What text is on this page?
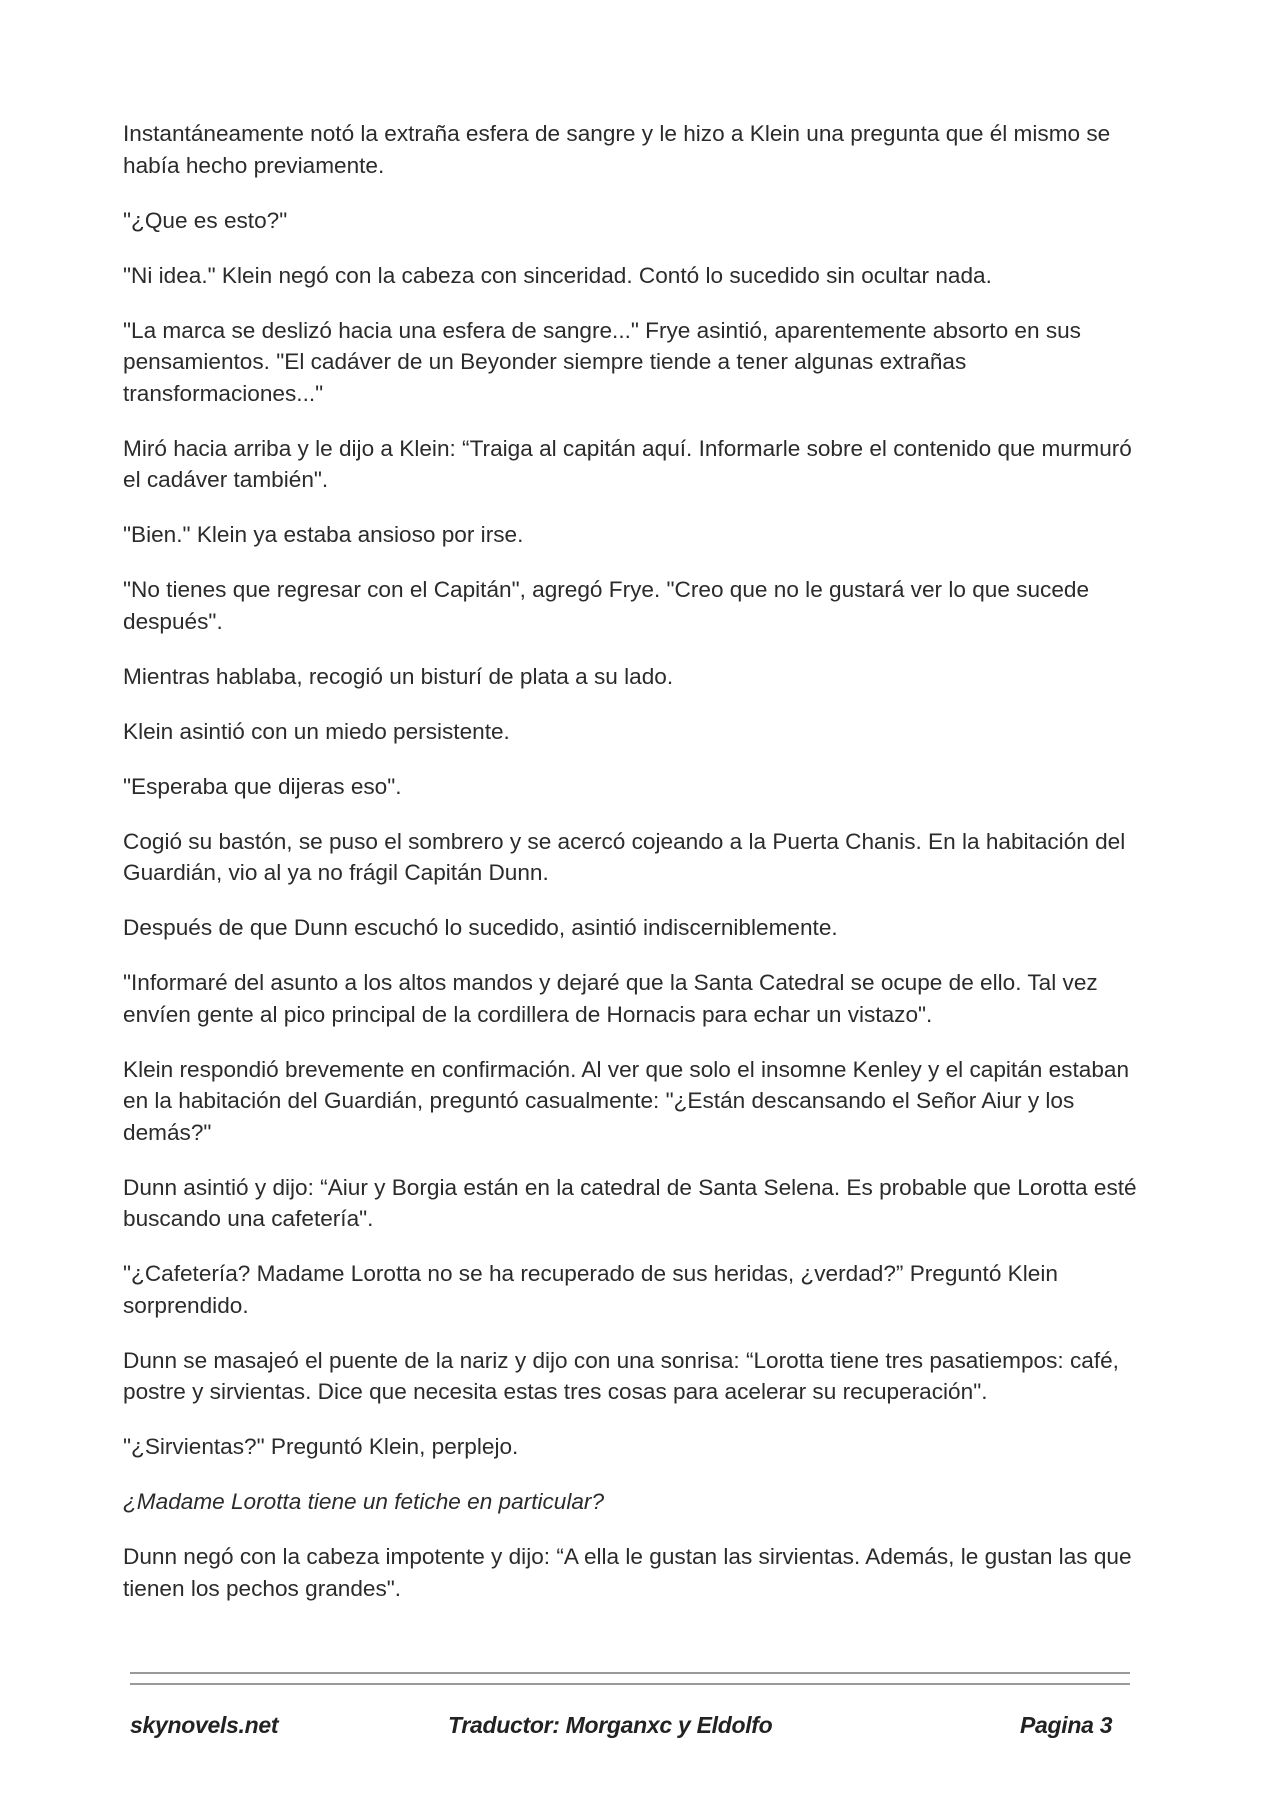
Instantáneamente notó la extraña esfera de sangre y le hizo a Klein una pregunta que él mismo se había hecho previamente.

"¿Que es esto?"

"Ni idea." Klein negó con la cabeza con sinceridad. Contó lo sucedido sin ocultar nada.

"La marca se deslizó hacia una esfera de sangre..." Frye asintió, aparentemente absorto en sus pensamientos. "El cadáver de un Beyonder siempre tiende a tener algunas extrañas transformaciones..."

Miró hacia arriba y le dijo a Klein: “Traiga al capitán aquí. Informarle sobre el contenido que murmuró el cadáver también".

"Bien." Klein ya estaba ansioso por irse.

"No tienes que regresar con el Capitán", agregó Frye. "Creo que no le gustará ver lo que sucede después".

Mientras hablaba, recogió un bisturí de plata a su lado.

Klein asintió con un miedo persistente.

"Esperaba que dijeras eso".

Cogió su bastón, se puso el sombrero y se acercó cojeando a la Puerta Chanis. En la habitación del Guardián, vio al ya no frágil Capitán Dunn.

Después de que Dunn escuchó lo sucedido, asintió indiscerniblemente.

"Informaré del asunto a los altos mandos y dejaré que la Santa Catedral se ocupe de ello. Tal vez envíen gente al pico principal de la cordillera de Hornacis para echar un vistazo".

Klein respondió brevemente en confirmación. Al ver que solo el insomne Kenley y el capitán estaban en la habitación del Guardián, preguntó casualmente: "¿Están descansando el Señor Aiur y los demás?"

Dunn asintió y dijo: “Aiur y Borgia están en la catedral de Santa Selena. Es probable que Lorotta esté buscando una cafetería".

"¿Cafetería? Madame Lorotta no se ha recuperado de sus heridas, ¿verdad?” Preguntó Klein sorprendido.

Dunn se masajeó el puente de la nariz y dijo con una sonrisa: “Lorotta tiene tres pasatiempos: café, postre y sirvientas. Dice que necesita estas tres cosas para acelerar su recuperación".

"¿Sirvientas?" Preguntó Klein, perplejo.

¿Madame Lorotta tiene un fetiche en particular?

Dunn negó con la cabeza impotente y dijo: “A ella le gustan las sirvientas. Además, le gustan las que tienen los pechos grandes".

skynovels.net	Traductor: Morganxc y Eldolfo	Pagina 3
